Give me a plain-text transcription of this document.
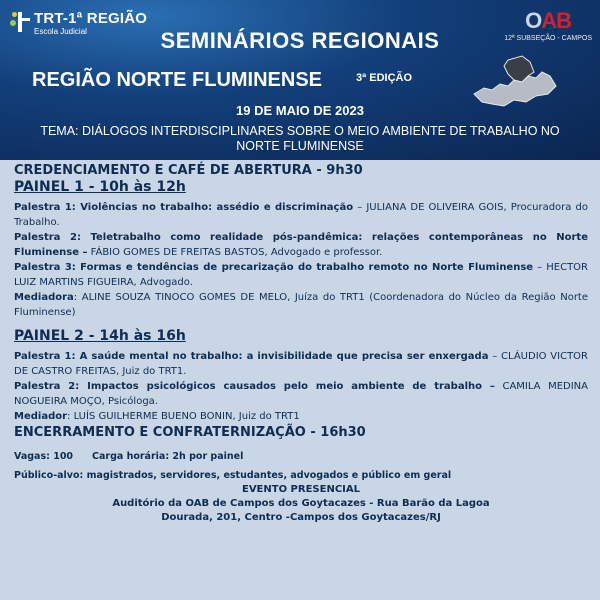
TRT-1ª REGIÃO
Escola Judicial	OAB
12ª SUBSEÇÃO - CAMPOS
SEMINÁRIOS REGIONAIS
REGIÃO NORTE FLUMINENSE	3ª EDIÇÃO
19 DE MAIO DE 2023
TEMA: DIÁLOGOS INTERDISCIPLINARES SOBRE O MEIO AMBIENTE DE TRABALHO NO NORTE FLUMINENSE
CREDENCIAMENTO E CAFÉ DE ABERTURA - 9h30
PAINEL 1 - 10h às 12h

Palestra 1: Violências no trabalho: assédio e discriminação – JULIANA DE OLIVEIRA GOIS, Procuradora do Trabalho.

Palestra 2: Teletrabalho como realidade pós-pandêmica: relações contemporâneas no Norte Fluminense – FÁBIO GOMES DE FREITAS BASTOS, Advogado e professor.

Palestra 3: Formas e tendências de precarização do trabalho remoto no Norte Fluminense – HECTOR LUIZ MARTINS FIGUEIRA, Advogado.

Mediadora: ALINE SOUZA TINOCO GOMES DE MELO, Juíza do TRT1 (Coordenadora do Núcleo da Região Norte Fluminense)

PAINEL 2 - 14h às 16h

Palestra 1: A saúde mental no trabalho: a invisibilidade que precisa ser enxergada – CLÁUDIO VICTOR DE CASTRO FREITAS, Juiz do TRT1.

Palestra 2: Impactos psicológicos causados pelo meio ambiente de trabalho – CAMILA MEDINA NOGUEIRA MOÇO, Psicóloga.

Mediador: LUÍS GUILHERME BUENO BONIN, Juiz do TRT1

ENCERRAMENTO E CONFRATERNIZAÇÃO - 16h30
Vagas: 100 Carga horária: 2h por painel
Público-alvo: magistrados, servidores, estudantes, advogados e público em geral
EVENTO PRESENCIAL
Auditório da OAB de Campos dos Goytacazes - Rua Barão da Lagoa
Dourada, 201, Centro -Campos dos Goytacazes/RJ
